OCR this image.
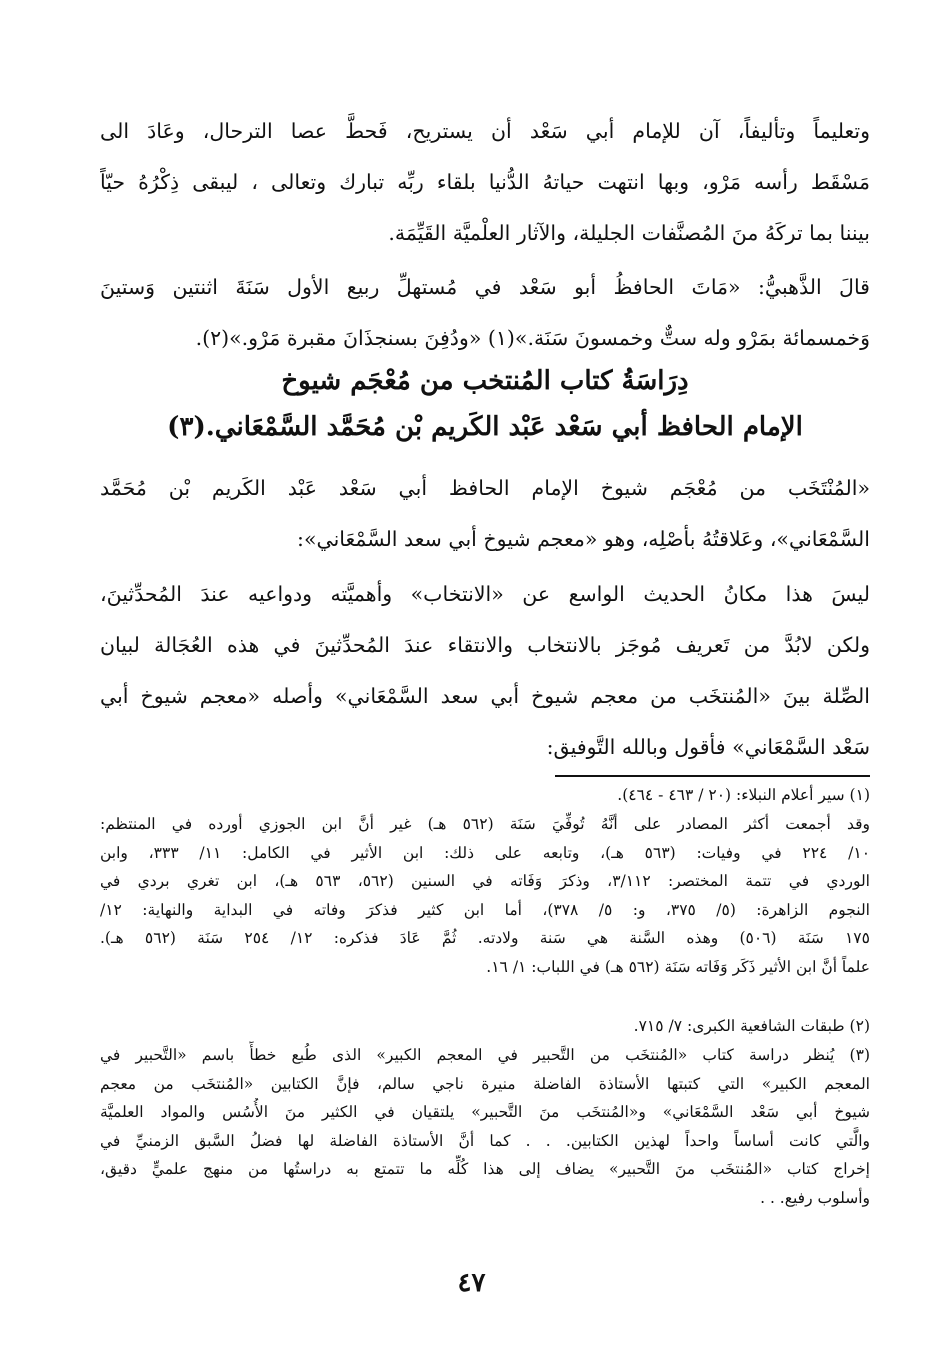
وتعليماً وتأليفاً، آن للإمام أبي سَعْد أن يستريح، فَحطَّ عصا الترحال، وعَادَ الى
مَسْقَط رأسه مَرْو، وبها انتهت حياتهُ الدُّنيا بلقاء ربِّه تبارك وتعالى ، ليبقى ذِكْرُهُ حيّاً
بيننا بما تركَهُ منَ المُصنَّفات الجليلة، والآثار العلْميَّة القَيِّمَة.
قالَ الذَّهبيُّ: «مَاتَ الحافظُ أبو سَعْد في مُستهلِّ ربيع الأول سَنَةَ اثنتين وَستينَ
وَخمسمائة بمَرْو وله ستٌّ وخمسونَ سَنَة.»(١) «ودُفِنَ بسنجذَانَ مقبرة مَرْو.»(٢).
دِرَاسَةُ كتاب المُنتخب من مُعْجَم شيوخ
الإمام الحافظ أبي سَعْد عَبْد الكَريم بْن مُحَمَّد السَّمْعَاني.(٣)
«المُنْتَخَب من مُعْجَم شيوخ الإمام الحافظ أبي سَعْد عَبْد الكَريم بْن مُحَمَّد
السَّمْعَاني»، وعَلاقتُهُ بأصْلِه، وهو «معجم شيوخ أبي سعد السَّمْعَاني»:
ليسَ هذا مكانُ الحديث الواسع عن «الانتخاب» وأهميَّته ودواعيه عندَ المُحدِّثينَ،
ولكن لابُدَّ من تَعريف مُوجَز بالانتخاب والانتقاء عندَ المُحدِّثينَ في هذه العُجَالة لبيان
الصِّلة بينَ «المُنتخَب من معجم شيوخ أبي سعد السَّمْعَاني» وأصله «معجم شيوخ أبي
سَعْد السَّمْعَاني» فأقول وبالله التَّوفيق:
(١) سير أعلام النبلاء: (٢٠ / ٤٦٣ - ٤٦٤).
وقد أجمعت أكثر المصادر على أنَّهُ تُوفِّيَ سَنَة (٥٦٢ هـ) غير أنَّ ابن الجوزي أورده في المنتظم:
١٠/ ٢٢٤ في وفيات: (٥٦٣ هـ)، وتابعه على ذلك: ابن الأثير في الكامل: ١١/ ٣٣٣، وابن
الوردي في تتمة المختصر: ٣/١١٢، وذكرَ وَفَاته في السنين (٥٦٢، ٥٦٣ هـ)، ابن تغري بردي في
النجوم الزاهرة: (٥/ ٣٧٥، و: ٥/ ٣٧٨)، أما ابن كثير فذكرَ وفاته في البداية والنهاية: ١٢/
١٧٥ سَنَة (٥٠٦) وهذه السَّنة هي سَنة ولادته. ثُمَّ عَادَ فذكره: ١٢/ ٢٥٤ سَنَة (٥٦٢ هـ).
علماً أنَّ ابن الأثير ذَكَر وَفَاته سَنَة (٥٦٢ هـ) في اللباب: ١/ ١٦.
(٢) طبقات الشافعية الكبرى: ٧/ ٧١٥.
(٣) يُنظر دراسة كتاب «المُنتخَب من التَّحبير في المعجم الكبير» الذى طُبع خطأً باسم «التَّحبير في
المعجم الكبير» التي كتبتها الأستاذة الفاضلة منيرة ناجي سالم، فإنَّ الكتابين «المُنتخَب من معجم
شيوخ أبي سَعْد السَّمْعَاني» و«المُنتخَب منَ التَّحبير» يلتقيان في الكثير منَ الأُسُس والمواد العلميَّة
والَّتي كانت أساساً واحداً لهذين الكتابين. . . كما أنَّ الأستاذة الفاضلة لها فضلُ السَّبق الزمنيِّ في
إخراج كتاب «المُنتخَب منَ التَّحبير» يضاف إلى هذا كُلِّه ما تتمتع به دراستُها من منهج علميٍّ دقيق،
وأسلوب رفيع. . .
٤٧
